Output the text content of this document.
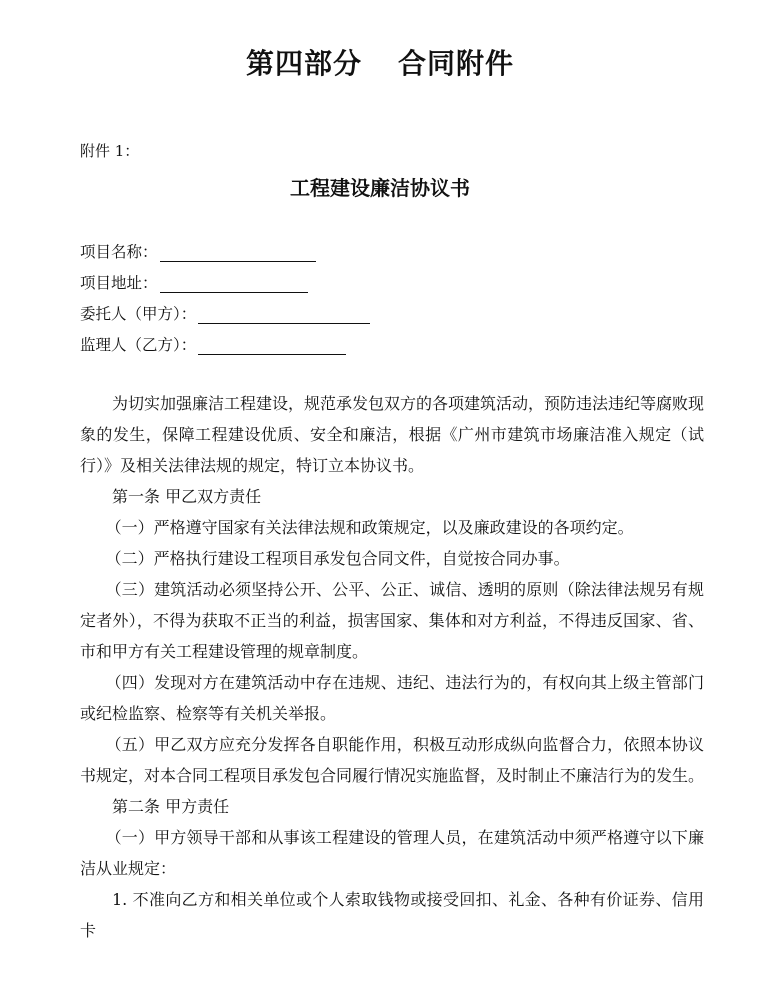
第四部分 合同附件
附件 1：
工程建设廉洁协议书
项目名称：
项目地址：
委托人（甲方）：
监理人（乙方）：

为切实加强廉洁工程建设，规范承发包双方的各项建筑活动，预防违法违纪等腐败现象的发生，保障工程建设优质、安全和廉洁，根据《广州市建筑市场廉洁准入规定（试行）》及相关法律法规的规定，特订立本协议书。

第一条 甲乙双方责任

（一）严格遵守国家有关法律法规和政策规定，以及廉政建设的各项约定。

（二）严格执行建设工程项目承发包合同文件，自觉按合同办事。

（三）建筑活动必须坚持公开、公平、公正、诚信、透明的原则（除法律法规另有规定者外），不得为获取不正当的利益，损害国家、集体和对方利益，不得违反国家、省、市和甲方有关工程建设管理的规章制度。

（四）发现对方在建筑活动中存在违规、违纪、违法行为的，有权向其上级主管部门或纪检监察、检察等有关机关举报。

（五）甲乙双方应充分发挥各自职能作用，积极互动形成纵向监督合力，依照本协议书规定，对本合同工程项目承发包合同履行情况实施监督，及时制止不廉洁行为的发生。

第二条 甲方责任

（一）甲方领导干部和从事该工程建设的管理人员，在建筑活动中须严格遵守以下廉洁从业规定：

1. 不准向乙方和相关单位或个人索取钱物或接受回扣、礼金、各种有价证券、信用卡
